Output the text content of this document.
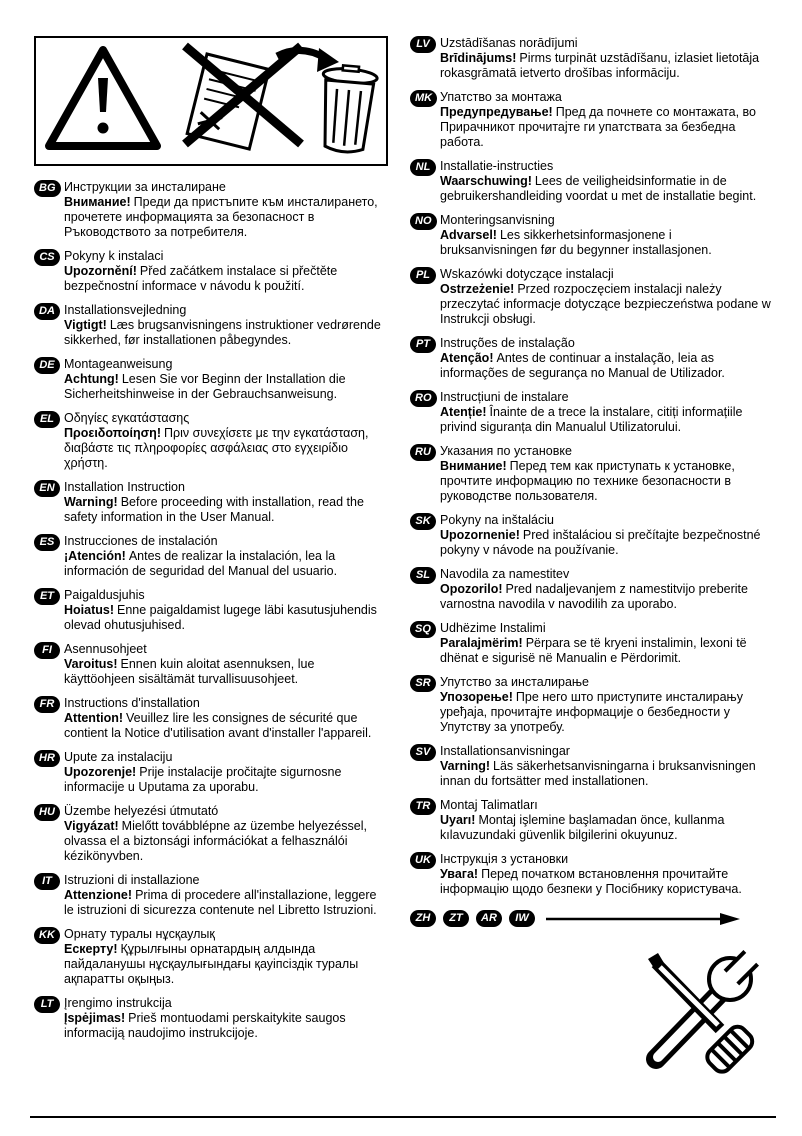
BG Инструкции за инсталиране
Внимание! Преди да пристъпите към инсталирането, прочетете информацията за безопасност в Ръководството за потребителя.
CS Pokyny k instalaci
Upozornění! Před začátkem instalace si přečtěte bezpečnostní informace v návodu k použití.
DA Installationsvejledning
Vigtigt! Læs brugsanvisningens instruktioner vedrørende sikkerhed, før installationen påbegyndes.
DE Montageanweisung
Achtung! Lesen Sie vor Beginn der Installation die Sicherheitshinweise in der Gebrauchsanweisung.
EL Οδηγίες εγκατάστασης
Προειδοποίηση! Πριν συνεχίσετε με την εγκατάσταση, διαβάστε τις πληροφορίες ασφάλειας στο εγχειρίδιο χρήστη.
EN Installation Instruction
Warning! Before proceeding with installation, read the safety information in the User Manual.
ES Instrucciones de instalación
¡Atención! Antes de realizar la instalación, lea la información de seguridad del Manual del usuario.
ET Paigaldusjuhis
Hoiatus! Enne paigaldamist lugege läbi kasutusjuhendis olevad ohutusjuhised.
FI Asennusohjeet
Varoitus! Ennen kuin aloitat asennuksen, lue käyttöohjeen sisältämät turvallisuusohjeet.
FR Instructions d'installation
Attention! Veuillez lire les consignes de sécurité que contient la Notice d'utilisation avant d'installer l'appareil.
HR Upute za instalaciju
Upozorenje! Prije instalacije pročitajte sigurnosne informacije u Uputama za uporabu.
HU Üzembe helyezési útmutató
Vigyázat! Mielőtt továbblépne az üzembe helyezéssel, olvassa el a biztonsági információkat a felhasználói kézikönyvben.
IT Istruzioni di installazione
Attenzione! Prima di procedere all'installazione, leggere le istruzioni di sicurezza contenute nel Libretto Istruzioni.
KK Орнату туралы нұсқаулық
Ескерту! Құрылғыны орнатардың алдында пайдаланушы нұсқаулығындағы қауіпсіздік туралы ақпаратты оқыңыз.
LT Įrengimo instrukcija
Įspėjimas! Prieš montuodami perskaitykite saugos informaciją naudojimo instrukcijoje.
LV Uzstādīšanas norādījumi
Brīdinājums! Pirms turpināt uzstādīšanu, izlasiet lietotāja rokasgrāmatā ietverto drošības informāciju.
MK Упатство за монтажа
Предупредување! Пред да почнете со монтажата, во Прирачникот прочитајте ги упатствата за безбедна работа.
NL Installatie-instructies
Waarschuwing! Lees de veiligheidsinformatie in de gebruikershandleiding voordat u met de installatie begint.
NO Monteringsanvisning
Advarsel! Les sikkerhetsinformasjonene i bruksanvisningen før du begynner installasjonen.
PL Wskazówki dotyczące instalacji
Ostrzeżenie! Przed rozpoczęciem instalacji należy przeczytać informacje dotyczące bezpieczeństwa podane w Instrukcji obsługi.
PT Instruções de instalação
Atenção! Antes de continuar a instalação, leia as informações de segurança no Manual de Utilizador.
RO Instrucțiuni de instalare
Atenție! Înainte de a trece la instalare, citiți informațiile privind siguranța din Manualul Utilizatorului.
RU Указания по установке
Внимание! Перед тем как приступать к установке, прочтите информацию по технике безопасности в руководстве пользователя.
SK Pokyny na inštaláciu
Upozornenie! Pred inštaláciou si prečítajte bezpečnostné pokyny v návode na používanie.
SL Navodila za namestitev
Opozorilo! Pred nadaljevanjem z namestitvijo preberite varnostna navodila v navodilih za uporabo.
SQ Udhëzime Instalimi
Paralajmërim! Përpara se të kryeni instalimin, lexoni të dhënat e sigurisë në Manualin e Përdorimit.
SR Упутство за инсталирање
Упозорење! Пре него што приступите инсталирању уређаја, прочитајте информације о безбедности у Упутству за употребу.
SV Installationsanvisningar
Varning! Läs säkerhetsanvisningarna i bruksanvisningen innan du fortsätter med installationen.
TR Montaj Talimatları
Uyarı! Montaj işlemine başlamadan önce, kullanma kılavuzundaki güvenlik bilgilerini okuyunuz.
UK Інструкція з установки
Увага! Перед початком встановлення прочитайте інформацію щодо безпеки у Посібнику користувача.
ZH	ZT	AR	IW
